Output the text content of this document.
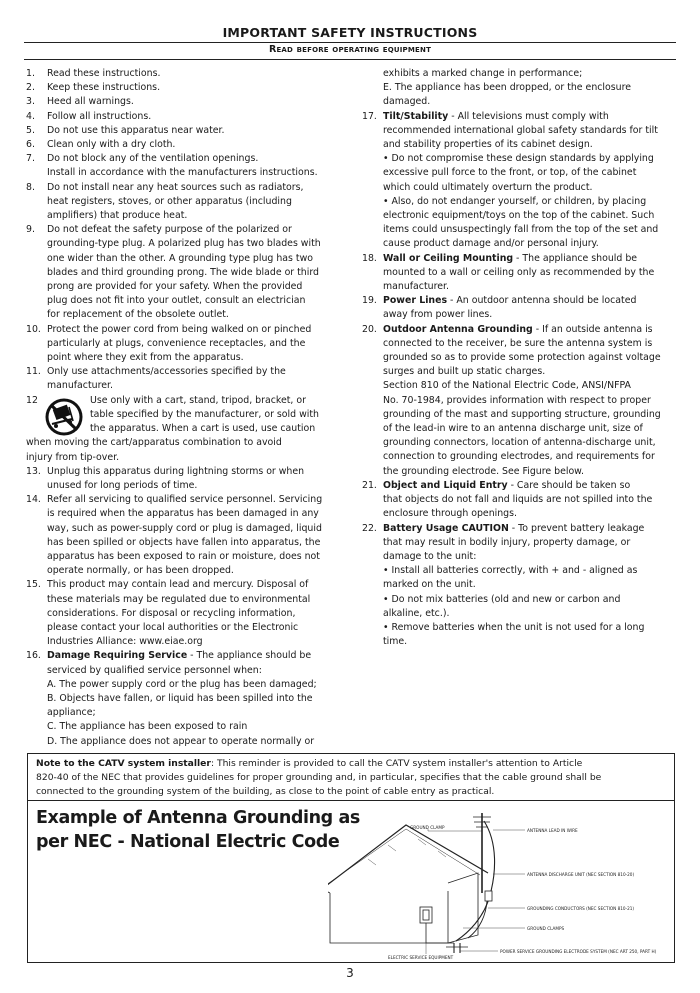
IMPORTANT SAFETY INSTRUCTIONS
Read before operating equipment
1.	Read these instructions.
2.	Keep these instructions.
3.	Heed all warnings.
4.	Follow all instructions.
5.	Do not use this apparatus near water.
6.	Clean only with a dry cloth.
7.	Do not block any of the ventilation openings.
Install in accordance with the manufacturers instructions.
8.	Do not install near any heat sources such as radiators,
heat registers, stoves, or other apparatus (including
amplifiers) that produce heat.
9.	Do not defeat the safety purpose of the polarized or
grounding-type plug. A polarized plug has two blades with
one wider than the other. A grounding type plug has two
blades and third grounding prong. The wide blade or third
prong are provided for your safety. When the provided
plug does not fit into your outlet, consult an electrician
for replacement of the obsolete outlet.
10. Protect the power cord from being walked on or pinched
particularly at plugs, convenience receptacles, and the
point where they exit from the apparatus.
11. Only use attachments/accessories specified by the
manufacturer.
12	Use only with a cart, stand, tripod, bracket, or
table specified by the manufacturer, or sold with
the apparatus. When a cart is used, use caution
when moving the cart/apparatus combination to avoid
injury from tip-over.
13. Unplug this apparatus during lightning storms or when
unused for long periods of time.
14. Refer all servicing to qualified service personnel. Servicing
is required when the apparatus has been damaged in any
way, such as power-supply cord or plug is damaged, liquid
has been spilled or objects have fallen into apparatus, the
apparatus has been exposed to rain or moisture, does not
operate normally, or has been dropped.
15. This product may contain lead and mercury. Disposal of
these materials may be regulated due to environmental
considerations. For disposal or recycling information,
please contact your local authorities or the Electronic
Industries Alliance: www.eiae.org
16. Damage Requiring Service - The appliance should be
serviced by qualified service personnel when:
A. The power supply cord or the plug has been damaged;
B. Objects have fallen, or liquid has been spilled into the
appliance;
C. The appliance has been exposed to rain
D. The appliance does not appear to operate normally or
exhibits a marked change in performance;
E. The appliance has been dropped, or the enclosure
damaged.
17. Tilt/Stability - All televisions must comply with
recommended international global safety standards for tilt
and stability properties of its cabinet design.
• Do not compromise these design standards by applying
excessive pull force to the front, or top, of the cabinet
which could ultimately overturn the product.
• Also, do not endanger yourself, or children, by placing
electronic equipment/toys on the top of the cabinet. Such
items could unsuspectingly fall from the top of the set and
cause product damage and/or personal injury.
18. Wall or Ceiling Mounting - The appliance should be
mounted to a wall or ceiling only as recommended by the
manufacturer.
19. Power Lines - An outdoor antenna should be located
away from power lines.
20. Outdoor Antenna Grounding - If an outside antenna is
connected to the receiver, be sure the antenna system is
grounded so as to provide some protection against voltage
surges and built up static charges.
Section 810 of the National Electric Code, ANSI/NFPA
No. 70-1984, provides information with respect to proper
grounding of the mast and supporting structure, grounding
of the lead-in wire to an antenna discharge unit, size of
grounding connectors, location of antenna-discharge unit,
connection to grounding electrodes, and requirements for
the grounding electrode. See Figure below.
21. Object and Liquid Entry - Care should be taken so
that objects do not fall and liquids are not spilled into the
enclosure through openings.
22. Battery Usage CAUTION - To prevent battery leakage
that may result in bodily injury, property damage, or
damage to the unit:
• Install all batteries correctly, with + and - aligned as
marked on the unit.
• Do not mix batteries (old and new or carbon and
alkaline, etc.).
• Remove batteries when the unit is not used for a long
time.
Note to the CATV system installer: This reminder is provided to call the CATV system installer's attention to Article
820-40 of the NEC that provides guidelines for proper grounding and, in particular, specifies that the cable ground shall be
connected to the grounding system of the building, as close to the point of cable entry as practical.
Example of Antenna Grounding as
per NEC - National Electric Code
GROUND CLAMP
ANTENNA LEAD IN WIRE
ANTENNA DISCHARGE UNIT (NEC SECTION 810-20)
GROUNDING CONDUCTORS (NEC SECTION 810-21)
GROUND CLAMPS
POWER SERVICE GROUNDING ELECTRODE SYSTEM (NEC ART 250, PART H)
ELECTRIC SERVICE EQUIPMENT
3
